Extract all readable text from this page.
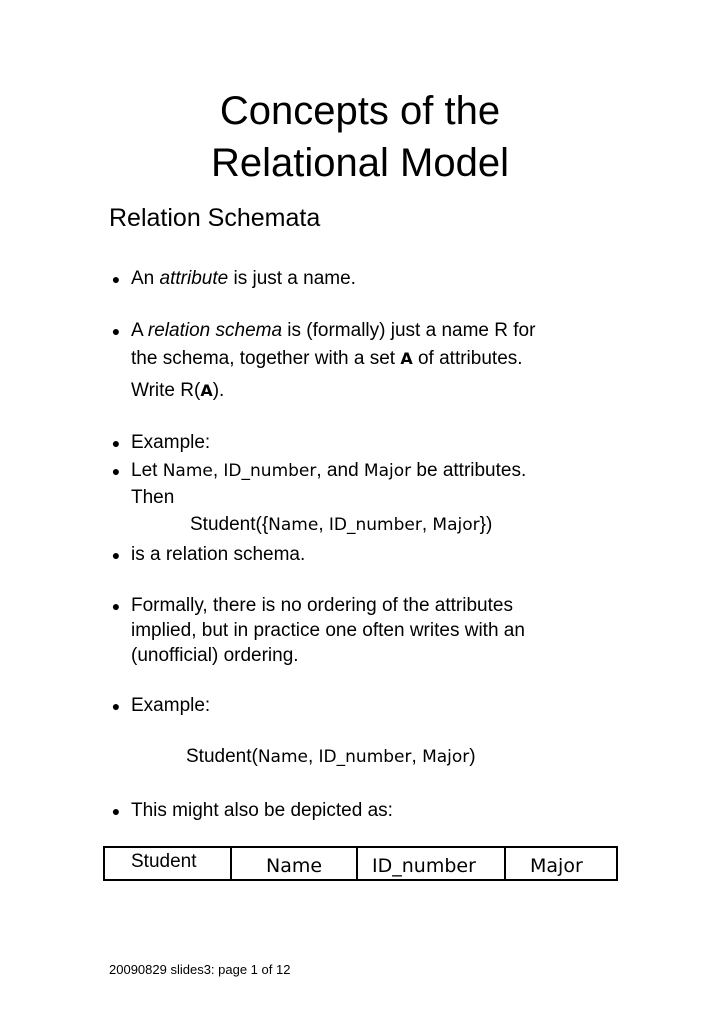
Concepts of the
Relational Model
Relation Schemata
● An attribute is just a name.
● A relation schema is (formally) just a name R for
the schema, together with a set A of attributes.
Write R(A).
● Example:
● Let Name, ID_number, and Major be attributes.
Then
Student({Name, ID_number, Major})
● is a relation schema.
● Formally, there is no ordering of the attributes
implied, but in practice one often writes with an
(unofficial) ordering.
● Example:
Student(Name, ID_number, Major)
● This might also be depicted as:
Student	Name	ID_number	Major
20090829 slides3: page 1 of 12
